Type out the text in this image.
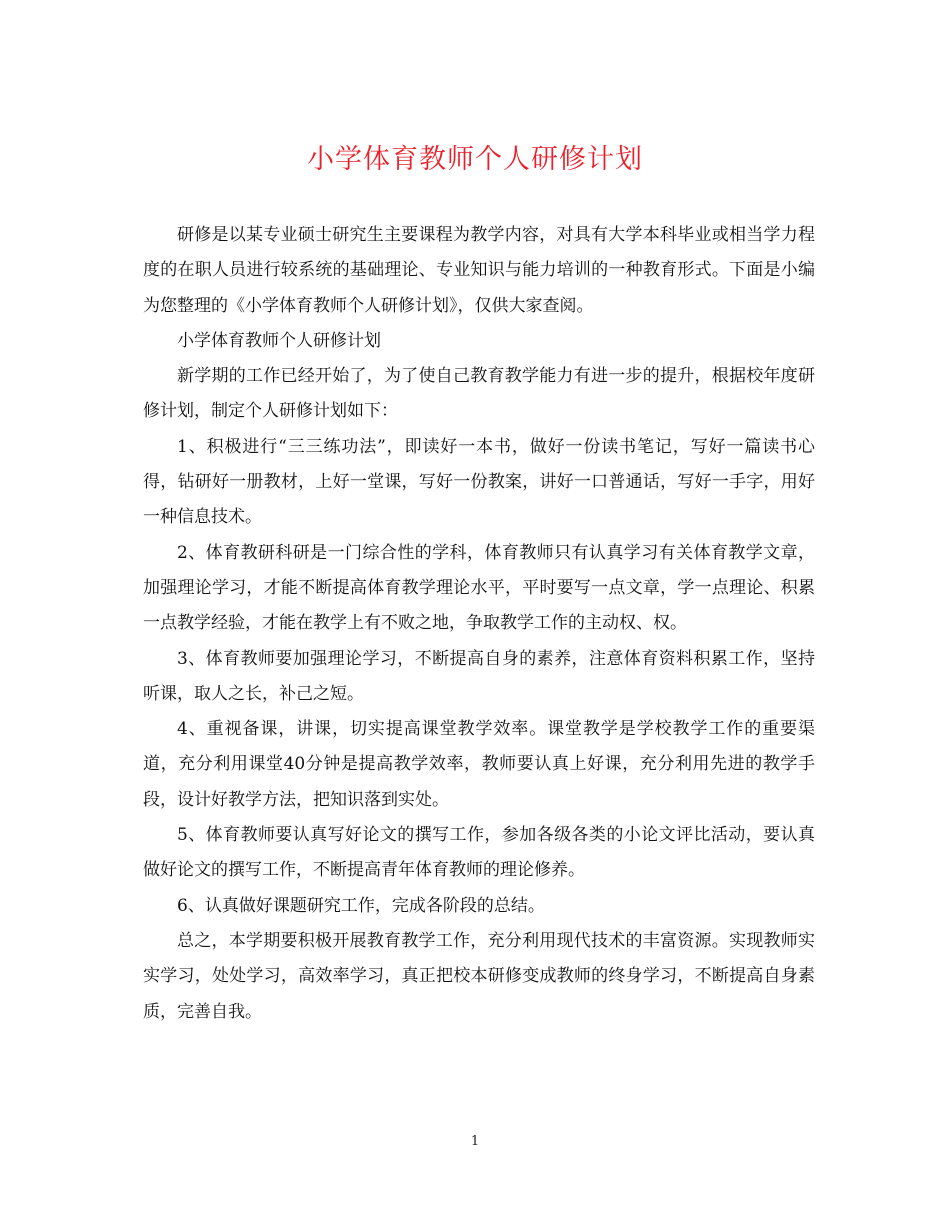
小学体育教师个人研修计划

研修是以某专业硕士研究生主要课程为教学内容，对具有大学本科毕业或相当学力程度的在职人员进行较系统的基础理论、专业知识与能力培训的一种教育形式。下面是小编为您整理的《小学体育教师个人研修计划》，仅供大家查阅。

小学体育教师个人研修计划

新学期的工作已经开始了，为了使自己教育教学能力有进一步的提升，根据校年度研修计划，制定个人研修计划如下：

1、积极进行“三三练功法”，即读好一本书，做好一份读书笔记，写好一篇读书心得，钻研好一册教材，上好一堂课，写好一份教案，讲好一口普通话，写好一手字，用好一种信息技术。

2、体育教研科研是一门综合性的学科，体育教师只有认真学习有关体育教学文章，加强理论学习，才能不断提高体育教学理论水平，平时要写一点文章，学一点理论、积累一点教学经验，才能在教学上有不败之地，争取教学工作的主动权、权。

3、体育教师要加强理论学习，不断提高自身的素养，注意体育资料积累工作，坚持听课，取人之长，补己之短。

4、重视备课，讲课，切实提高课堂教学效率。课堂教学是学校教学工作的重要渠道，充分利用课堂40分钟是提高教学效率，教师要认真上好课，充分利用先进的教学手段，设计好教学方法，把知识落到实处。

5、体育教师要认真写好论文的撰写工作，参加各级各类的小论文评比活动，要认真做好论文的撰写工作，不断提高青年体育教师的理论修养。

6、认真做好课题研究工作，完成各阶段的总结。

总之，本学期要积极开展教育教学工作，充分利用现代技术的丰富资源。实现教师实实学习，处处学习，高效率学习，真正把校本研修变成教师的终身学习，不断提高自身素质，完善自我。

1
